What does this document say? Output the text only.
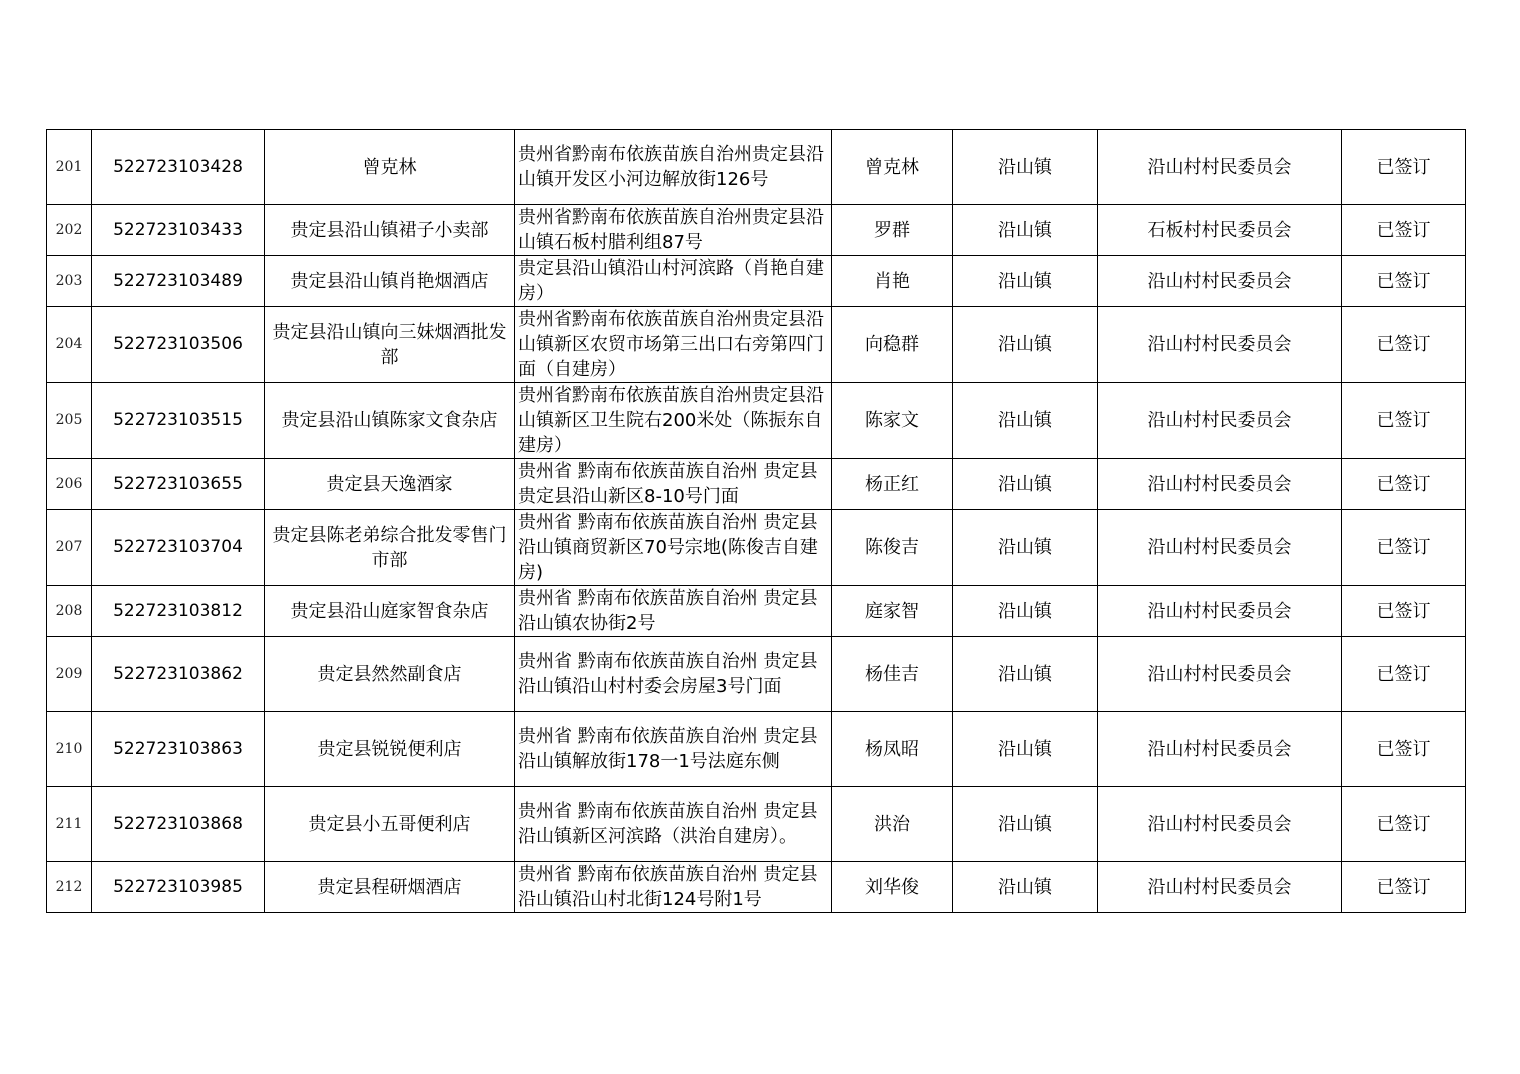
201	522723103428	曾克林	贵州省黔南布依族苗族自治州贵定县沿山镇开发区小河边解放街126号	曾克林	沿山镇	沿山村村民委员会	已签订
202	522723103433	贵定县沿山镇裙子小卖部	贵州省黔南布依族苗族自治州贵定县沿山镇石板村腊利组87号	罗群	沿山镇	石板村村民委员会	已签订
203	522723103489	贵定县沿山镇肖艳烟酒店	贵定县沿山镇沿山村河滨路（肖艳自建房）	肖艳	沿山镇	沿山村村民委员会	已签订
204	522723103506	贵定县沿山镇向三妹烟酒批发部	贵州省黔南布依族苗族自治州贵定县沿山镇新区农贸市场第三出口右旁第四门面（自建房）	向稳群	沿山镇	沿山村村民委员会	已签订
205	522723103515	贵定县沿山镇陈家文食杂店	贵州省黔南布依族苗族自治州贵定县沿山镇新区卫生院右200米处（陈振东自建房）	陈家文	沿山镇	沿山村村民委员会	已签订
206	522723103655	贵定县天逸酒家	贵州省 黔南布依族苗族自治州 贵定县贵定县沿山新区8-10号门面	杨正红	沿山镇	沿山村村民委员会	已签订
207	522723103704	贵定县陈老弟综合批发零售门市部	贵州省 黔南布依族苗族自治州 贵定县沿山镇商贸新区70号宗地(陈俊吉自建房)	陈俊吉	沿山镇	沿山村村民委员会	已签订
208	522723103812	贵定县沿山庭家智食杂店	贵州省 黔南布依族苗族自治州 贵定县沿山镇农协街2号	庭家智	沿山镇	沿山村村民委员会	已签订
209	522723103862	贵定县然然副食店	贵州省 黔南布依族苗族自治州 贵定县沿山镇沿山村村委会房屋3号门面	杨佳吉	沿山镇	沿山村村民委员会	已签订
210	522723103863	贵定县锐锐便利店	贵州省 黔南布依族苗族自治州 贵定县沿山镇解放街178一1号法庭东侧	杨凤昭	沿山镇	沿山村村民委员会	已签订
211	522723103868	贵定县小五哥便利店	贵州省 黔南布依族苗族自治州 贵定县沿山镇新区河滨路（洪治自建房）。	洪治	沿山镇	沿山村村民委员会	已签订
212	522723103985	贵定县程研烟酒店	贵州省 黔南布依族苗族自治州 贵定县沿山镇沿山村北街124号附1号	刘华俊	沿山镇	沿山村村民委员会	已签订
